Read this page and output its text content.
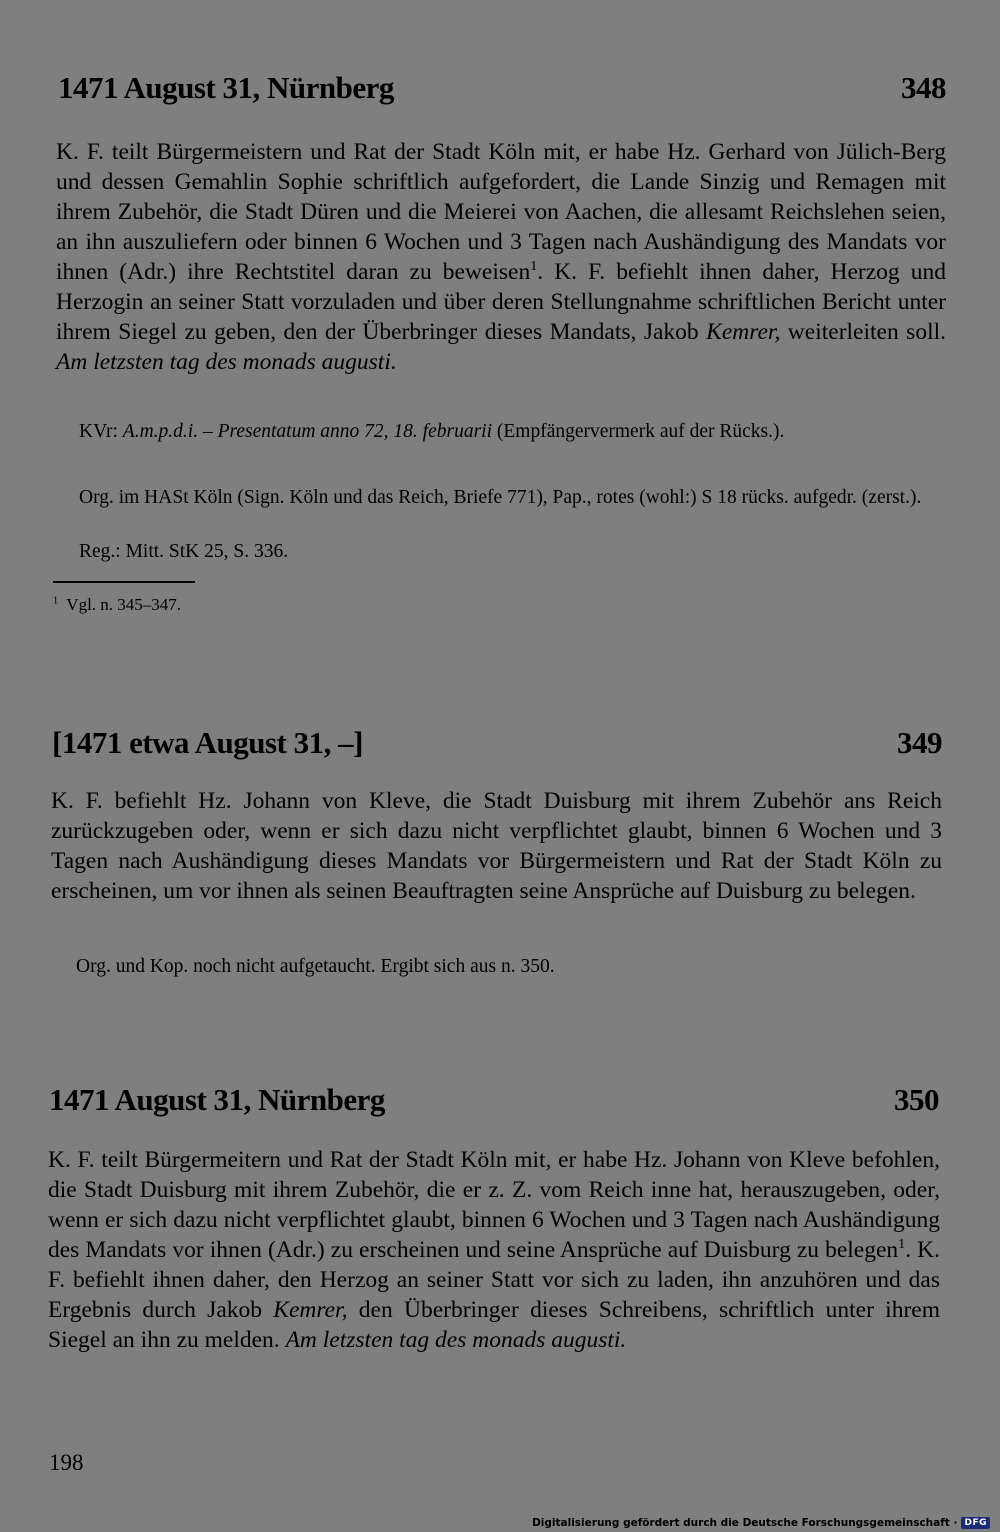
1471 August 31, Nürnberg	348

K. F. teilt Bürgermeistern und Rat der Stadt Köln mit, er habe Hz. Gerhard von Jülich-Berg und dessen Gemahlin Sophie schriftlich aufgefordert, die Lande Sinzig und Remagen mit ihrem Zubehör, die Stadt Düren und die Meierei von Aachen, die allesamt Reichslehen seien, an ihn auszuliefern oder binnen 6 Wochen und 3 Tagen nach Aushändigung des Mandats vor ihnen (Adr.) ihre Rechtstitel daran zu beweisen$^1$. K. F. befiehlt ihnen daher, Herzog und Herzogin an seiner Statt vorzuladen und über deren Stellungnahme schriftlichen Bericht unter ihrem Siegel zu geben, den der Überbringer dieses Mandats, Jakob Kemrer, weiterleiten soll. Am letzsten tag des monads augusti.

KVr: A.m.p.d.i. – Presentatum anno 72, 18. februarii (Empfängervermerk auf der Rücks.).

Org. im HASt Köln (Sign. Köln und das Reich, Briefe 771), Pap., rotes (wohl:) S 18 rücks. aufgedr. (zerst.).

Reg.: Mitt. StK 25, S. 336.

$^1$ Vgl. n. 345–347.
[1471 etwa August 31, –]	349

K. F. befiehlt Hz. Johann von Kleve, die Stadt Duisburg mit ihrem Zubehör ans Reich zurückzugeben oder, wenn er sich dazu nicht verpflichtet glaubt, binnen 6 Wochen und 3 Tagen nach Aushändigung dieses Mandats vor Bürgermeistern und Rat der Stadt Köln zu erscheinen, um vor ihnen als seinen Beauftragten seine Ansprüche auf Duisburg zu belegen.

Org. und Kop. noch nicht aufgetaucht. Ergibt sich aus n. 350.

1471 August 31, Nürnberg	350

K. F. teilt Bürgermeitern und Rat der Stadt Köln mit, er habe Hz. Johann von Kleve befohlen, die Stadt Duisburg mit ihrem Zubehör, die er z. Z. vom Reich inne hat, herauszugeben, oder, wenn er sich dazu nicht verpflichtet glaubt, binnen 6 Wochen und 3 Tagen nach Aushändigung des Mandats vor ihnen (Adr.) zu erscheinen und seine Ansprüche auf Duisburg zu belegen$^1$. K. F. befiehlt ihnen daher, den Herzog an seiner Statt vor sich zu laden, ihn anzuhören und das Ergebnis durch Jakob Kemrer, den Überbringer dieses Schreibens, schriftlich unter ihrem Siegel an ihn zu melden. Am letzsten tag des monads augusti.

198
Digitalisierung gefördert durch die Deutsche Forschungsgemeinschaft · DFG
